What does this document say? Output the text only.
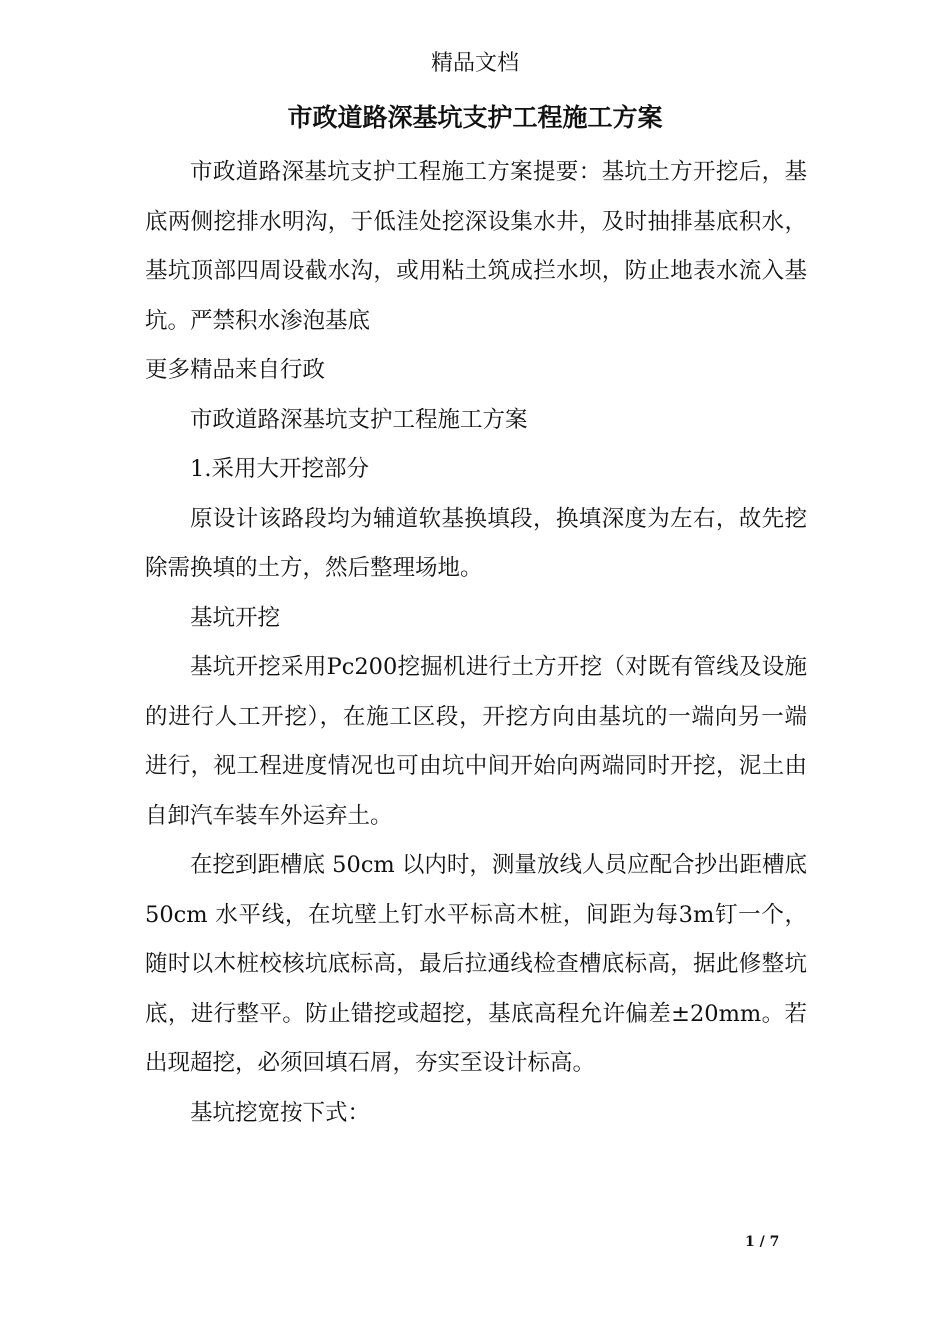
精品文档
市政道路深基坑支护工程施工方案

市政道路深基坑支护工程施工方案提要：基坑土方开挖后，基底两侧挖排水明沟，于低洼处挖深设集水井，及时抽排基底积水，基坑顶部四周设截水沟，或用粘土筑成拦水坝，防止地表水流入基坑。严禁积水渗泡基底

更多精品来自行政

市政道路深基坑支护工程施工方案

1.采用大开挖部分

原设计该路段均为辅道软基换填段，换填深度为左右，故先挖除需换填的土方，然后整理场地。

基坑开挖

基坑开挖采用Pc200挖掘机进行土方开挖（对既有管线及设施的进行人工开挖），在施工区段，开挖方向由基坑的一端向另一端进行，视工程进度情况也可由坑中间开始向两端同时开挖，泥土由自卸汽车装车外运弃土。

在挖到距槽底 50cm 以内时，测量放线人员应配合抄出距槽底 50cm 水平线，在坑壁上钉水平标高木桩，间距为每3m钉一个，随时以木桩校核坑底标高，最后拉通线检查槽底标高，据此修整坑底，进行整平。防止错挖或超挖，基底高程允许偏差±20mm。若出现超挖，必须回填石屑，夯实至设计标高。

基坑挖宽按下式：

1 / 7
